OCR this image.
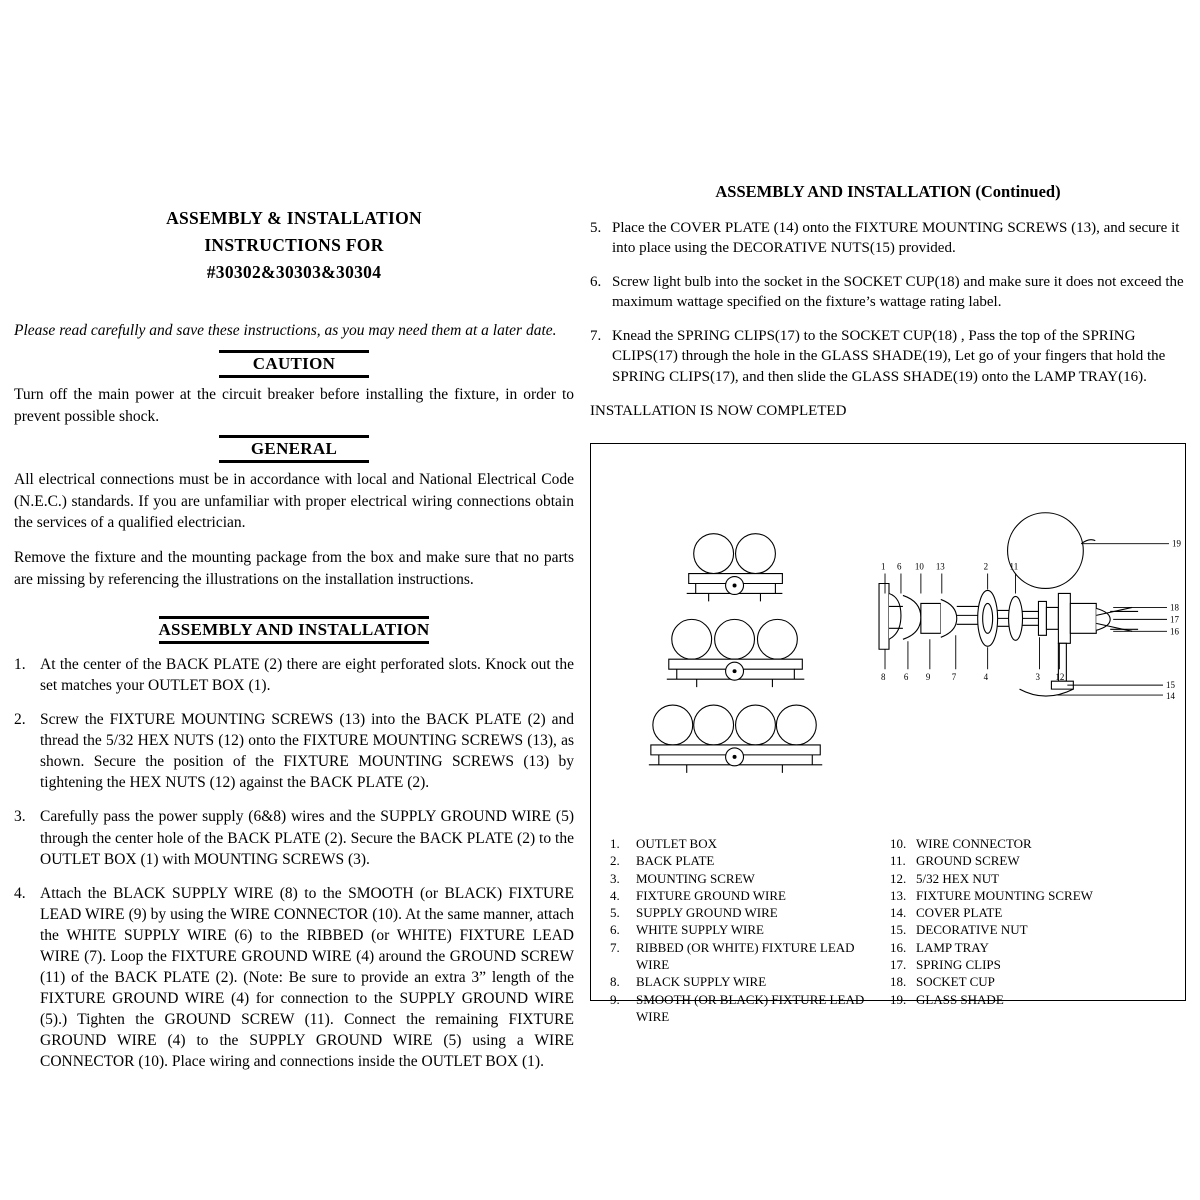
ASSEMBLY & INSTALLATION
INSTRUCTIONS FOR
#30302&30303&30304
Please read carefully and save these instructions, as you may need them at a later date.
CAUTION
Turn off the main power at the circuit breaker before installing the fixture, in order to prevent possible shock.
GENERAL
All electrical connections must be in accordance with local and National Electrical Code (N.E.C.) standards. If you are unfamiliar with proper electrical wiring connections obtain the services of a qualified electrician.
Remove the fixture and the mounting package from the box and make sure that no parts are missing by referencing the illustrations on the installation instructions.
ASSEMBLY AND INSTALLATION
1. At the center of the BACK PLATE (2) there are eight perforated slots. Knock out the set matches your OUTLET BOX (1).
2. Screw the FIXTURE MOUNTING SCREWS (13) into the BACK PLATE (2) and thread the 5/32 HEX NUTS (12) onto the FIXTURE MOUNTING SCREWS (13), as shown. Secure the position of the FIXTURE MOUNTING SCREWS (13) by tightening the HEX NUTS (12) against the BACK PLATE (2).
3. Carefully pass the power supply (6&8) wires and the SUPPLY GROUND WIRE (5) through the center hole of the BACK PLATE (2). Secure the BACK PLATE (2) to the OUTLET BOX (1) with MOUNTING SCREWS (3).
4. Attach the BLACK SUPPLY WIRE (8) to the SMOOTH (or BLACK) FIXTURE LEAD WIRE (9) by using the WIRE CONNECTOR (10). At the same manner, attach the WHITE SUPPLY WIRE (6) to the RIBBED (or WHITE) FIXTURE LEAD WIRE (7). Loop the FIXTURE GROUND WIRE (4) around the GROUND SCREW (11) of the BACK PLATE (2). (Note: Be sure to provide an extra 3” length of the FIXTURE GROUND WIRE (4) for connection to the SUPPLY GROUND WIRE (5).) Tighten the GROUND SCREW (11). Connect the remaining FIXTURE GROUND WIRE (4) to the SUPPLY GROUND WIRE (5) using a WIRE CONNECTOR (10). Place wiring and connections inside the OUTLET BOX (1).
ASSEMBLY AND INSTALLATION (Continued)
5. Place the COVER PLATE (14) onto the FIXTURE MOUNTING SCREWS (13), and secure it into place using the DECORATIVE NUTS(15) provided.
6. Screw light bulb into the socket in the SOCKET CUP(18) and make sure it does not exceed the maximum wattage specified on the fixture’s wattage rating label.
7. Knead the SPRING CLIPS(17) to the SOCKET CUP(18) , Pass the top of the SPRING CLIPS(17) through the hole in the GLASS SHADE(19), Let go of your fingers that hold the SPRING CLIPS(17), and then slide the GLASS SHADE(19) onto the LAMP TRAY(16).
INSTALLATION IS NOW COMPLETED
1 6 10 13	2 11
8 6 9 7	4	3 12
19
18
17
16
15
14
1.	OUTLET BOX
2.	BACK PLATE
3.	MOUNTING SCREW
4.	FIXTURE GROUND WIRE
5.	SUPPLY GROUND WIRE
6.	WHITE SUPPLY WIRE
7.	RIBBED (OR WHITE) FIXTURE LEAD WIRE
8.	BLACK SUPPLY WIRE
9.	SMOOTH (OR BLACK) FIXTURE LEAD
WIRE
10. WIRE CONNECTOR
11. GROUND SCREW
12. 5/32 HEX NUT
13. FIXTURE MOUNTING SCREW
14. COVER PLATE
15. DECORATIVE NUT
16. LAMP TRAY
17. SPRING CLIPS
18. SOCKET CUP
19. GLASS SHADE
